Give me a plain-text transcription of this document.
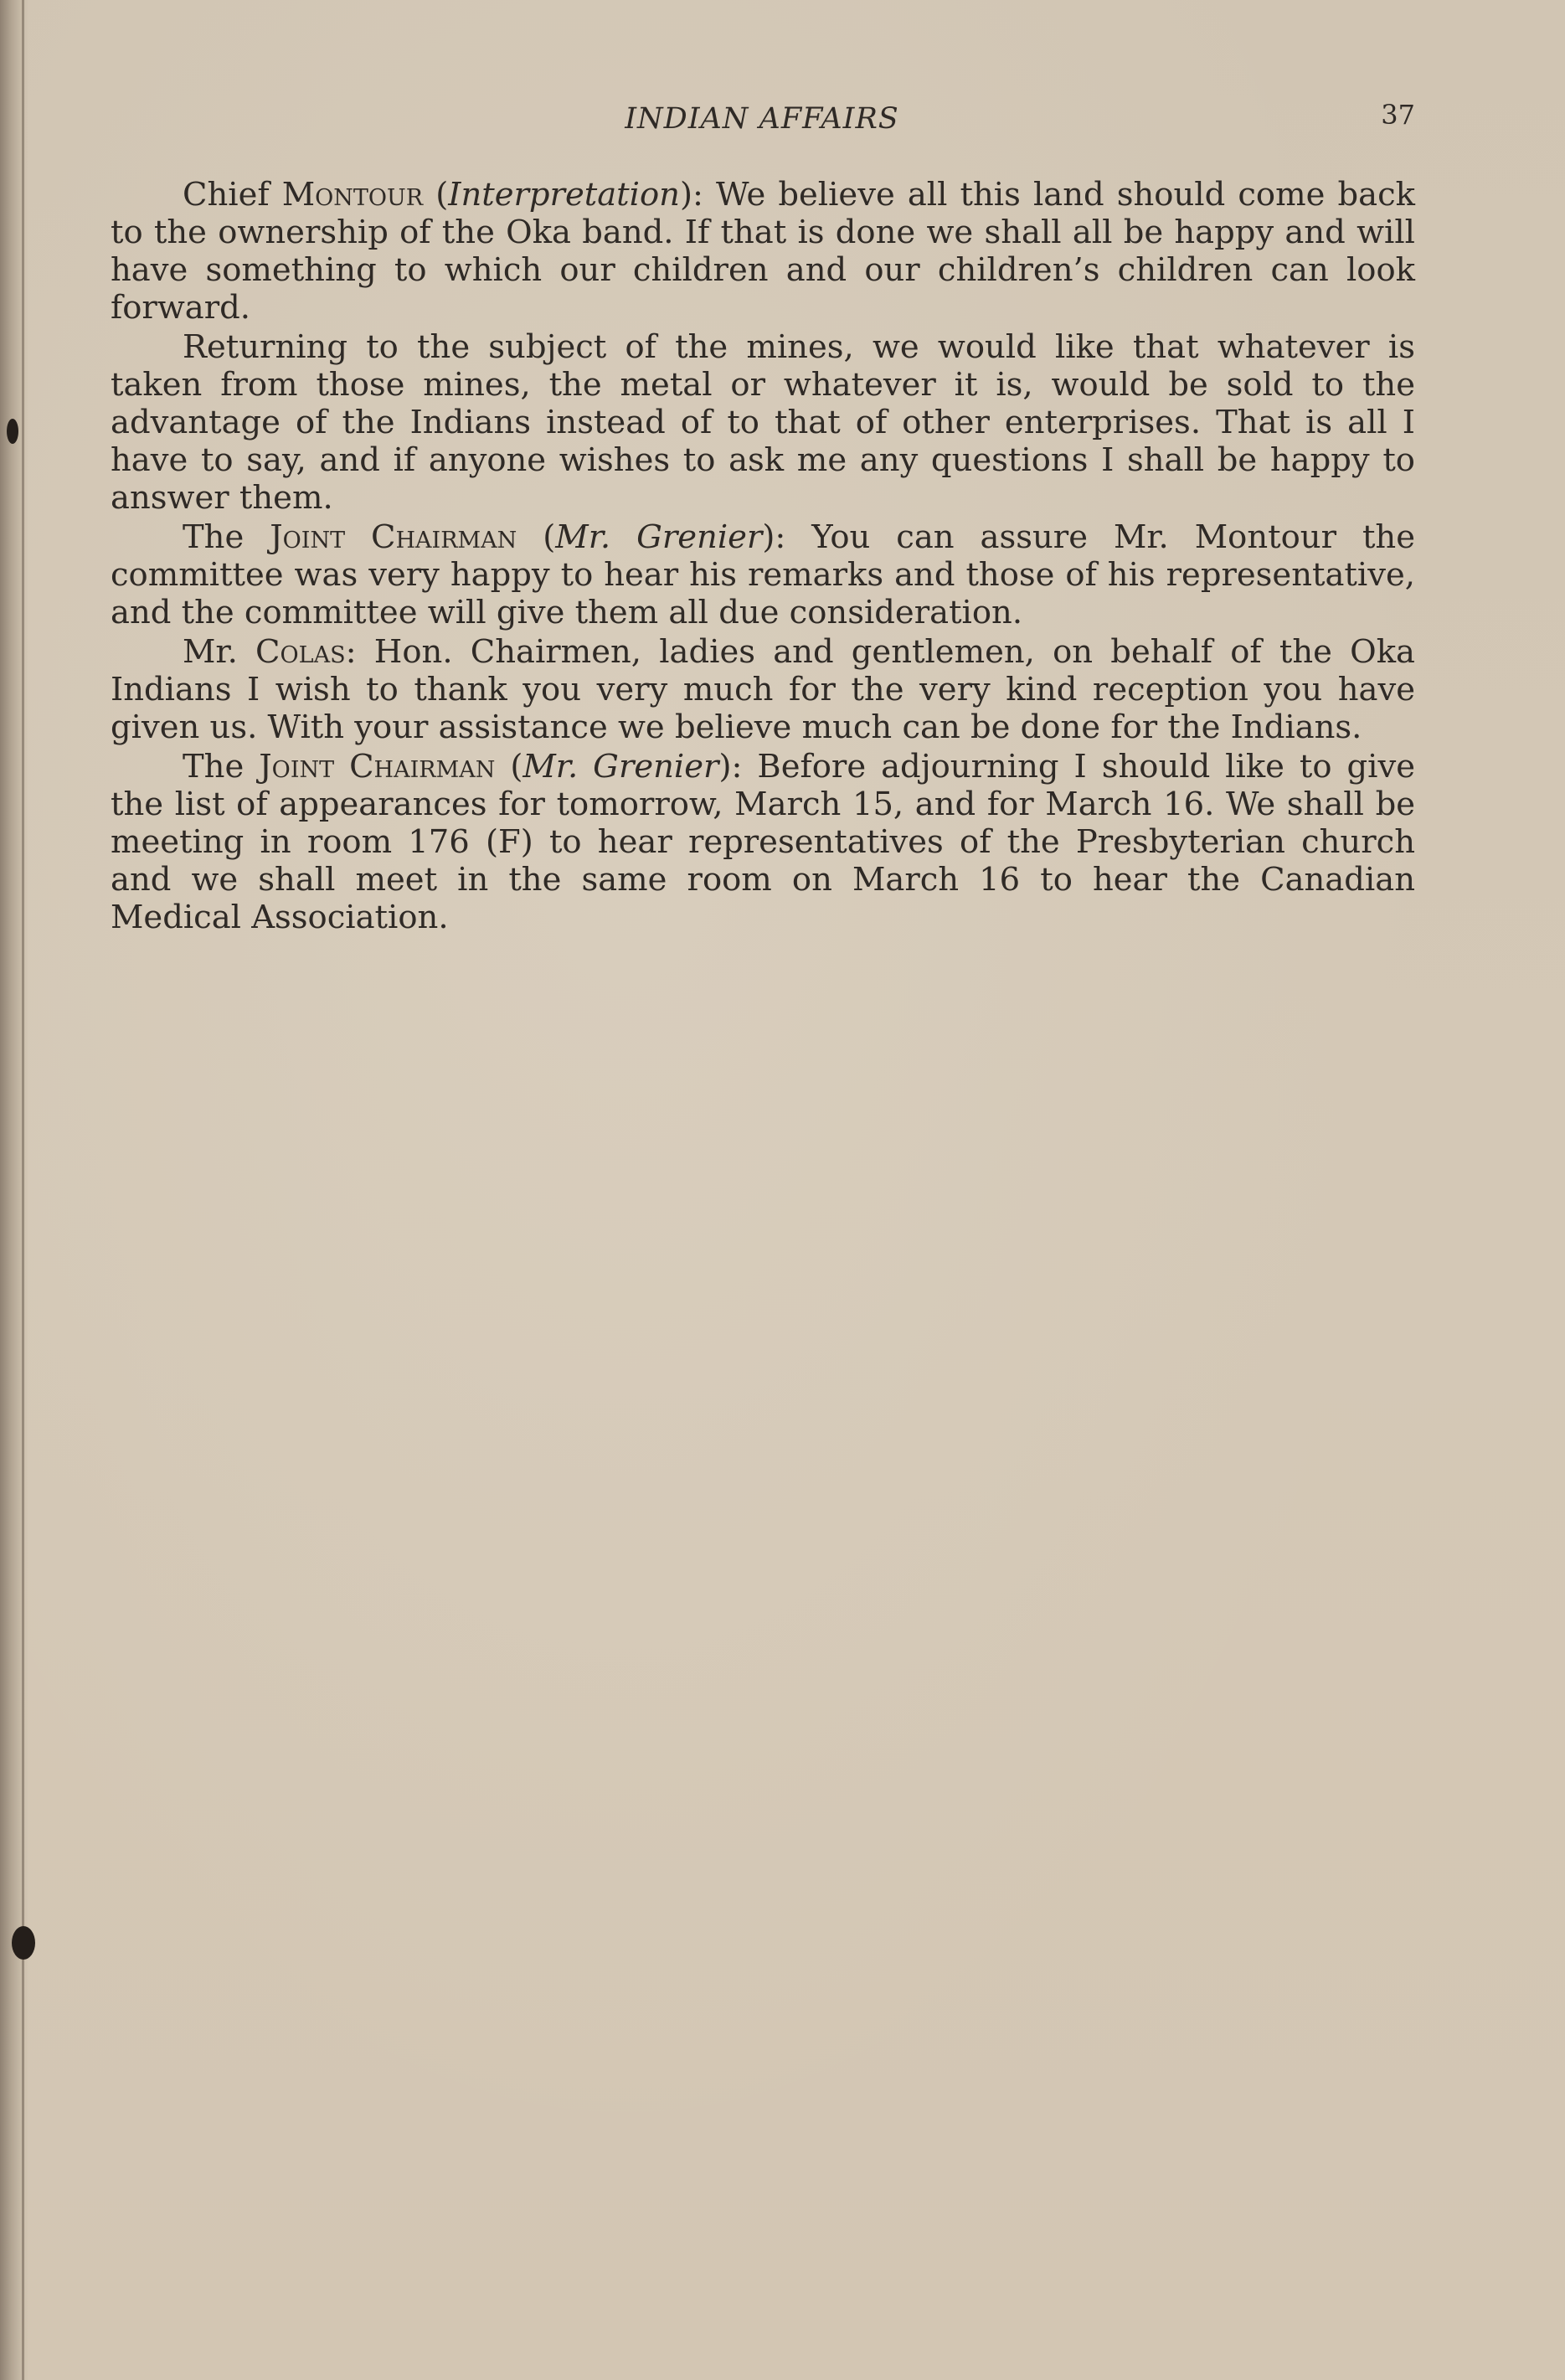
INDIAN AFFAIRS	37

Chief Montour (Interpretation): We believe all this land should come back to the ownership of the Oka band. If that is done we shall all be happy and will have something to which our children and our children’s children can look forward.

Returning to the subject of the mines, we would like that whatever is taken from those mines, the metal or whatever it is, would be sold to the advantage of the Indians instead of to that of other enterprises. That is all I have to say, and if anyone wishes to ask me any questions I shall be happy to answer them.

The Joint Chairman (Mr. Grenier): You can assure Mr. Montour the committee was very happy to hear his remarks and those of his representative, and the committee will give them all due consideration.

Mr. Colas: Hon. Chairmen, ladies and gentlemen, on behalf of the Oka Indians I wish to thank you very much for the very kind reception you have given us. With your assistance we believe much can be done for the Indians.

The Joint Chairman (Mr. Grenier): Before adjourning I should like to give the list of appearances for tomorrow, March 15, and for March 16. We shall be meeting in room 176 (F) to hear representatives of the Presbyterian church and we shall meet in the same room on March 16 to hear the Canadian Medical Association.
